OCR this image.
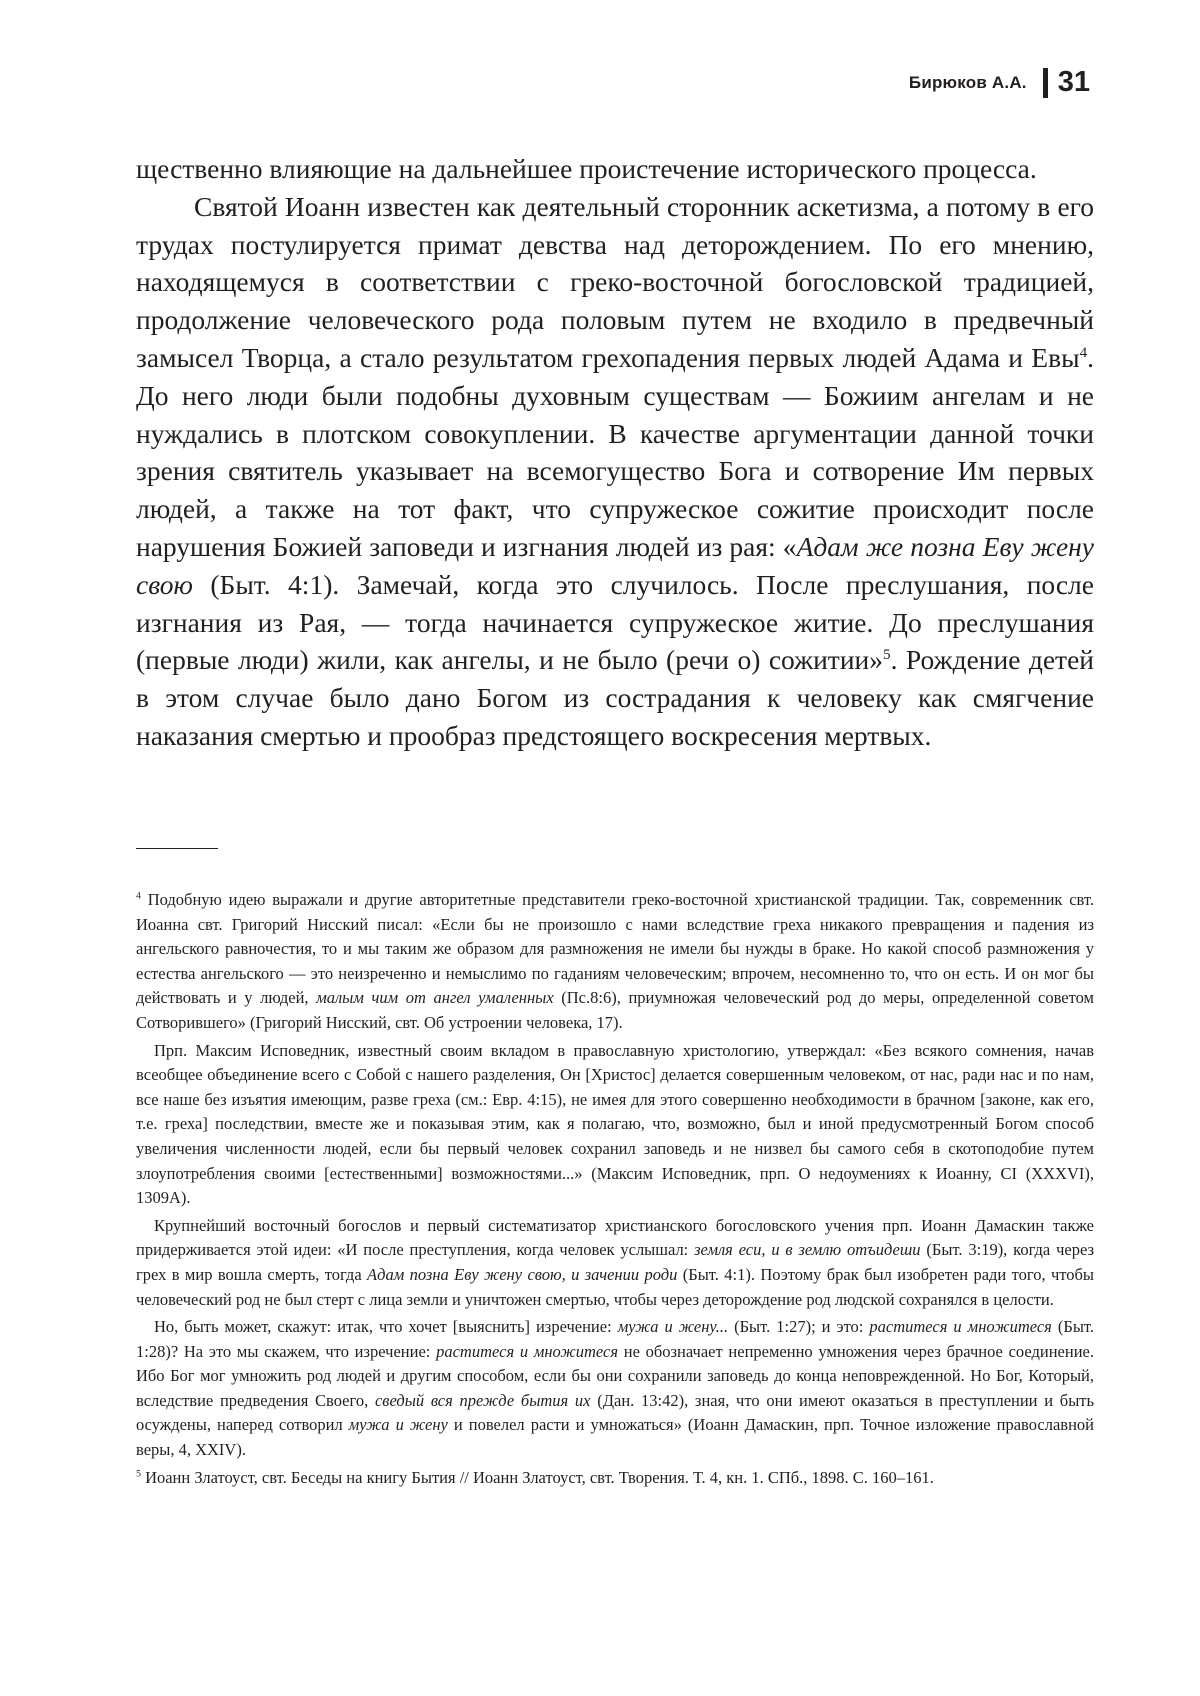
Бирюков А.А. 31

щественно влияющие на дальнейшее проистечение исторического процесса.

Святой Иоанн известен как деятельный сторонник аскетизма, а потому в его трудах постулируется примат девства над деторождением. По его мнению, находящемуся в соответствии с греко-восточной богословской традицией, продолжение человеческого рода половым путем не входило в предвечный замысел Творца, а стало результатом грехопадения первых людей Адама и Евы$^4$. До него люди были подобны духовным существам — Божиим ангелам и не нуждались в плотском совокуплении. В качестве аргументации данной точки зрения святитель указывает на всемогущество Бога и сотворение Им первых людей, а также на тот факт, что супружеское сожитие происходит после нарушения Божией заповеди и изгнания людей из рая: «Адам же позна Еву жену свою (Быт. 4:1). Замечай, когда это случилось. После преслушания, после изгнания из Рая, — тогда начинается супружеское житие. До преслушания (первые люди) жили, как ангелы, и не было (речи о) сожитии»$^5$. Рождение детей в этом случае было дано Богом из сострадания к человеку как смягчение наказания смертью и прообраз предстоящего воскресения мертвых.

$^4$ Подобную идею выражали и другие авторитетные представители греко-восточной христианской традиции. Так, современник свт. Иоанна свт. Григорий Нисский писал: «Если бы не произошло с нами вследствие греха никакого превращения и падения из ангельского равночестия, то и мы таким же образом для размножения не имели бы нужды в браке. Но какой способ размножения у естества ангельского — это неизреченно и немыслимо по гаданиям человеческим; впрочем, несомненно то, что он есть. И он мог бы действовать и у людей, малым чим от ангел умаленных (Пс.8:6), приумножая человеческий род до меры, определенной советом Сотворившего» (Григорий Нисский, свт. Об устроении человека, 17).

Прп. Максим Исповедник, известный своим вкладом в православную христологию, утверждал: «Без всякого сомнения, начав всеобщее объединение всего с Собой с нашего разделения, Он [Христос] делается совершенным человеком, от нас, ради нас и по нам, все наше без изъятия имеющим, разве греха (см.: Евр. 4:15), не имея для этого совершенно необходимости в брачном [законе, как его, т.е. греха] последствии, вместе же и показывая этим, как я полагаю, что, возможно, был и иной предусмотренный Богом способ увеличения численности людей, если бы первый человек сохранил заповедь и не низвел бы самого себя в скотоподобие путем злоупотребления своими [естественными] возможностями...» (Максим Исповедник, прп. О недоумениях к Иоанну, CI (XXXVI), 1309А).

Крупнейший восточный богослов и первый систематизатор христианского богословского учения прп. Иоанн Дамаскин также придерживается этой идеи: «И после преступления, когда человек услышал: земля еси, и в землю отъидеши (Быт. 3:19), когда через грех в мир вошла смерть, тогда Адам позна Еву жену свою, и зачении роди (Быт. 4:1). Поэтому брак был изобретен ради того, чтобы человеческий род не был стерт с лица земли и уничтожен смертью, чтобы через деторождение род людской сохранялся в целости.

Но, быть может, скажут: итак, что хочет [выяснить] изречение: мужа и жену... (Быт. 1:27); и это: раститеся и множитеся (Быт. 1:28)? На это мы скажем, что изречение: раститеся и множитеся не обозначает непременно умножения через брачное соединение. Ибо Бог мог умножить род людей и другим способом, если бы они сохранили заповедь до конца неповрежденной. Но Бог, Который, вследствие предведения Своего, сведый вся прежде бытия их (Дан. 13:42), зная, что они имеют оказаться в преступлении и быть осуждены, наперед сотворил мужа и жену и повелел расти и умножаться» (Иоанн Дамаскин, прп. Точное изложение православной веры, 4, XXIV).

$^5$ Иоанн Златоуст, свт. Беседы на книгу Бытия // Иоанн Златоуст, свт. Творения. Т. 4, кн. 1. СПб., 1898. С. 160–161.
